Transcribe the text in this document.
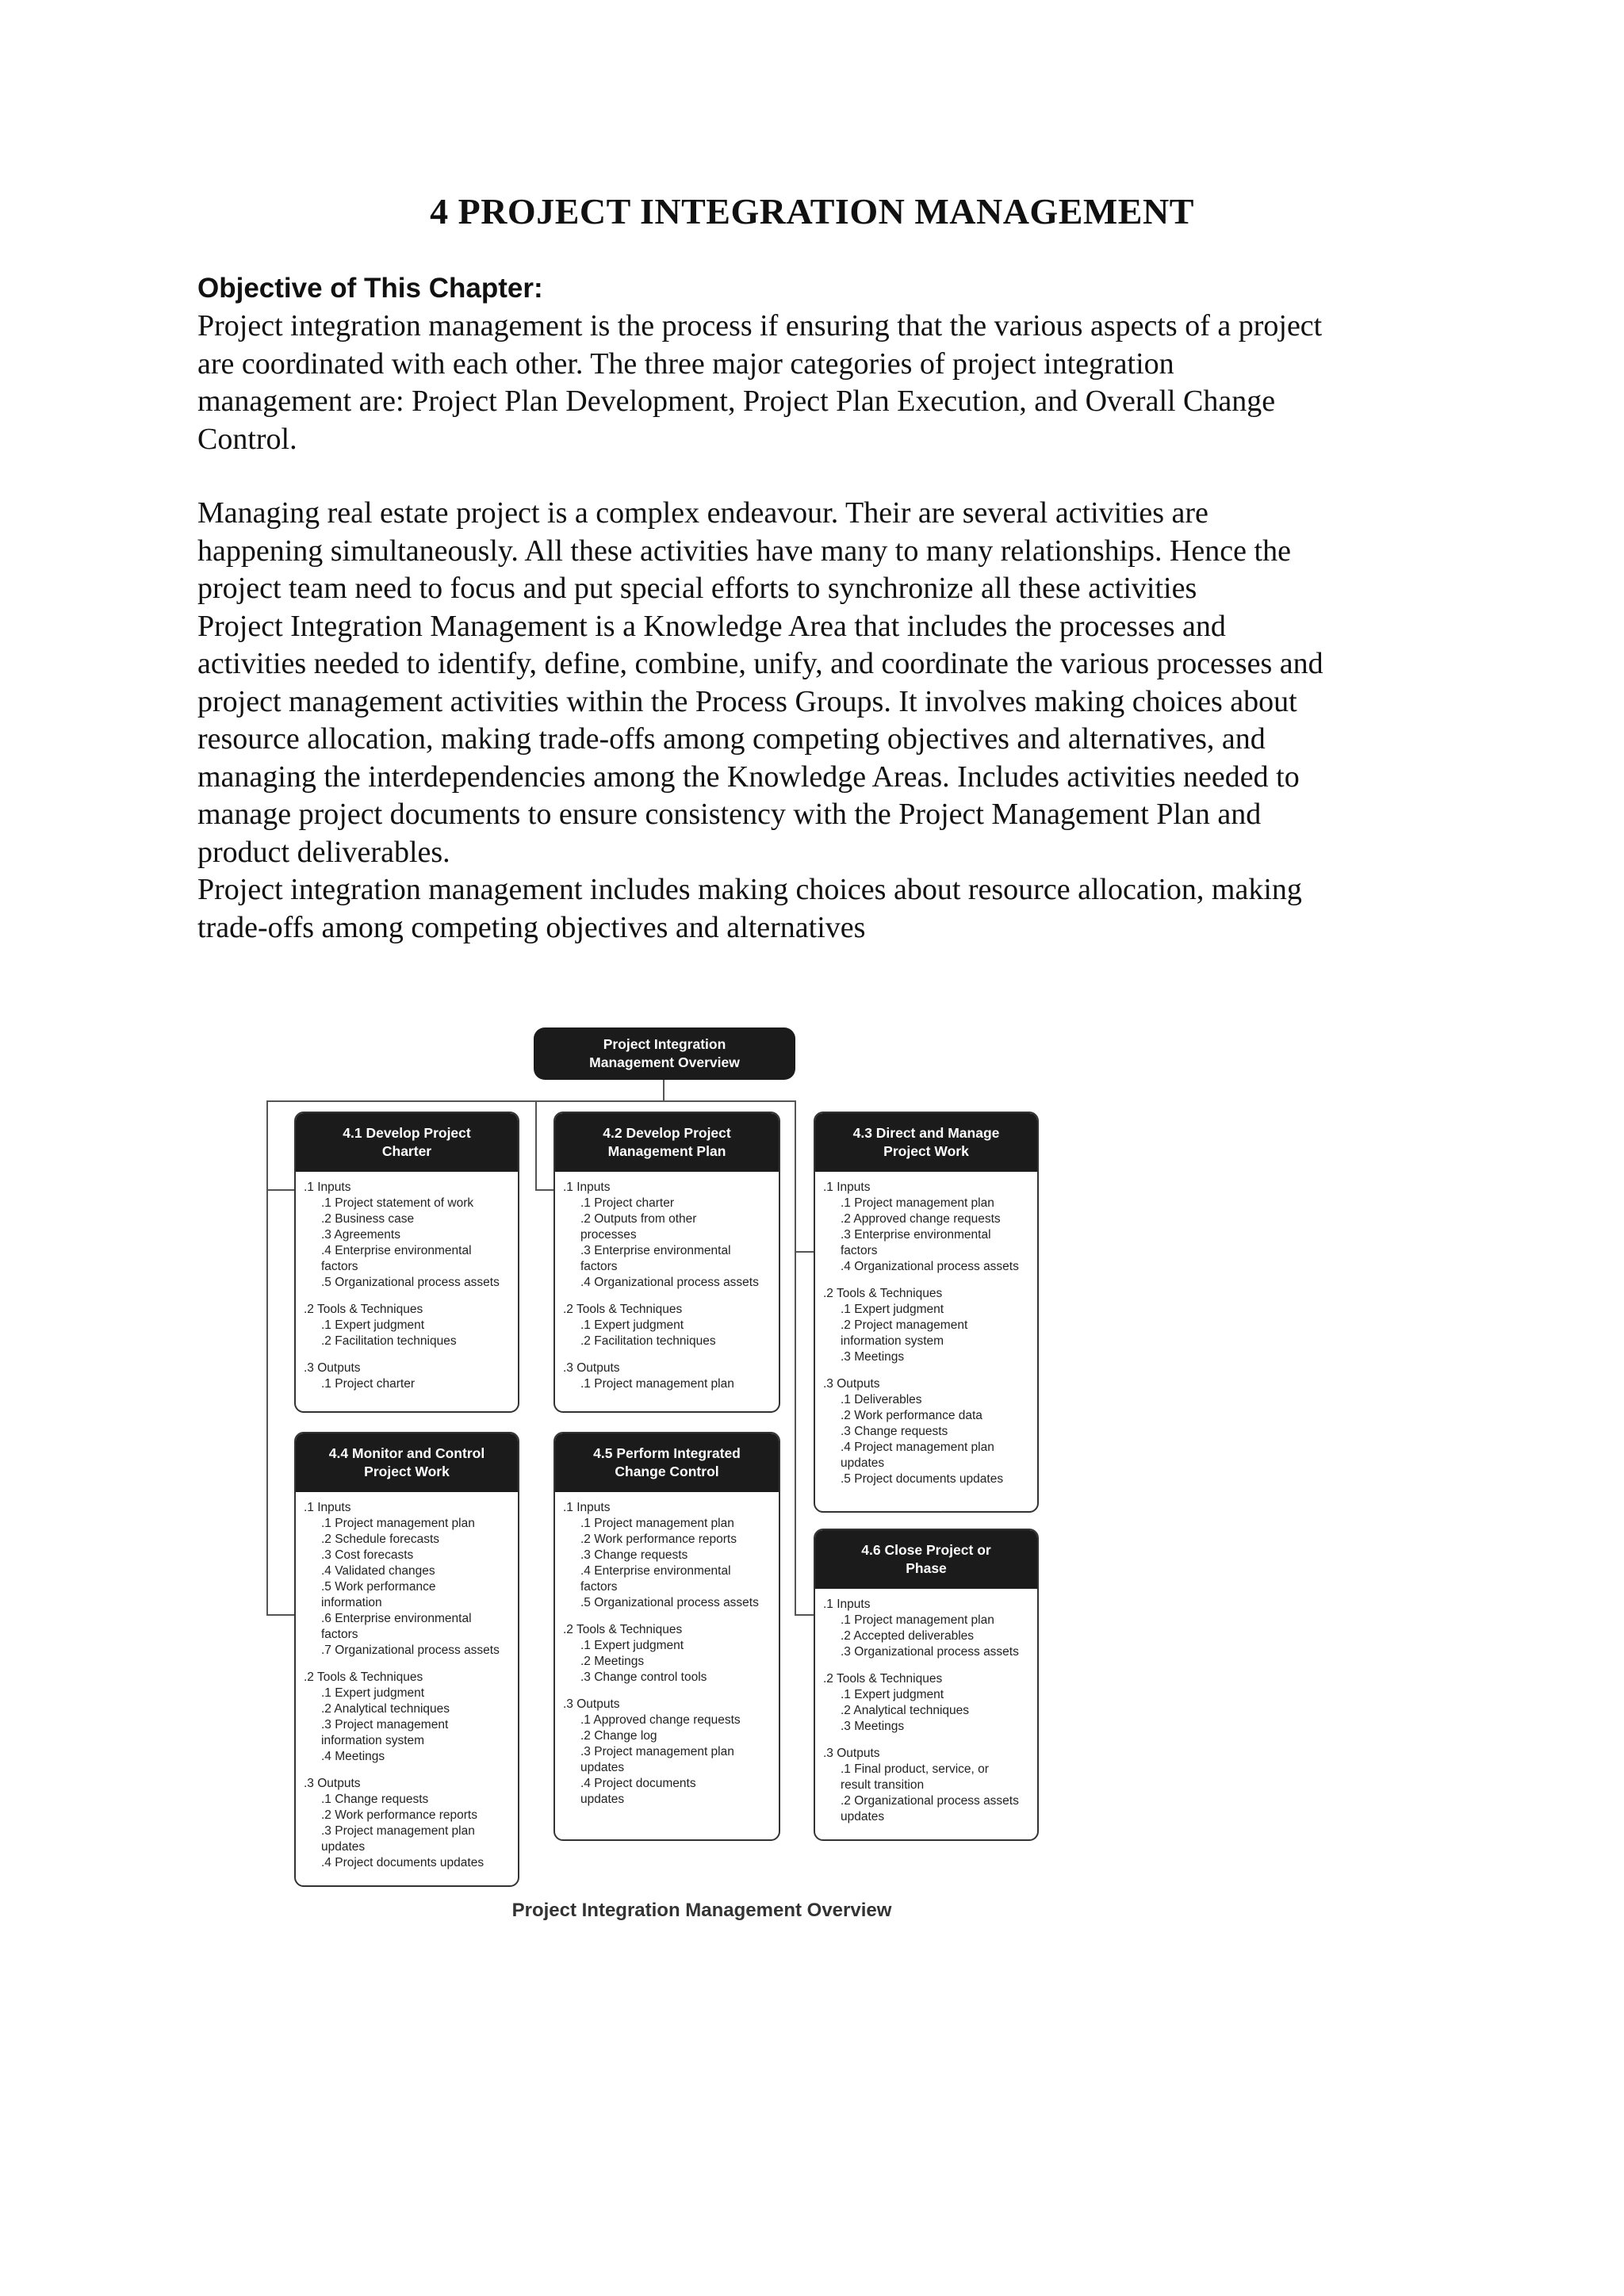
4 PROJECT INTEGRATION MANAGEMENT
Objective of This Chapter:

Project integration management is the process if ensuring that the various aspects of a project
are coordinated with each other. The three major categories of project integration
management are: Project Plan Development, Project Plan Execution, and Overall Change
Control.

Managing real estate project is a complex endeavour. Their are several activities are
happening simultaneously. All these activities have many to many relationships. Hence the
project team need to focus and put special efforts to synchronize all these activities
Project Integration Management is a Knowledge Area that includes the processes and
activities needed to identify, define, combine, unify, and coordinate the various processes and
project management activities within the Process Groups. It involves making choices about
resource allocation, making trade-offs among competing objectives and alternatives, and
managing the interdependencies among the Knowledge Areas. Includes activities needed to
manage project documents to ensure consistency with the Project Management Plan and
product deliverables.
Project integration management includes making choices about resource allocation, making
trade-offs among competing objectives and alternatives

Project Integration
Management Overview
4.1 Develop Project
Charter
.1 Inputs
.1 Project statement of work
.2 Business case
.3 Agreements
.4 Enterprise environmental
factors
.5 Organizational process assets
.2 Tools & Techniques
.1 Expert judgment
.2 Facilitation techniques
.3 Outputs
.1 Project charter
4.2 Develop Project
Management Plan
.1 Inputs
.1 Project charter
.2 Outputs from other
processes
.3 Enterprise environmental
factors
.4 Organizational process assets
.2 Tools & Techniques
.1 Expert judgment
.2 Facilitation techniques
.3 Outputs
.1 Project management plan
4.3 Direct and Manage
Project Work
.1 Inputs
.1 Project management plan
.2 Approved change requests
.3 Enterprise environmental
factors
.4 Organizational process assets
.2 Tools & Techniques
.1 Expert judgment
.2 Project management
information system
.3 Meetings
.3 Outputs
.1 Deliverables
.2 Work performance data
.3 Change requests
.4 Project management plan
updates
.5 Project documents updates
4.4 Monitor and Control
Project Work
.1 Inputs
.1 Project management plan
.2 Schedule forecasts
.3 Cost forecasts
.4 Validated changes
.5 Work performance
information
.6 Enterprise environmental
factors
.7 Organizational process assets
.2 Tools & Techniques
.1 Expert judgment
.2 Analytical techniques
.3 Project management
information system
.4 Meetings
.3 Outputs
.1 Change requests
.2 Work performance reports
.3 Project management plan
updates
.4 Project documents updates
4.5 Perform Integrated
Change Control
.1 Inputs
.1 Project management plan
.2 Work performance reports
.3 Change requests
.4 Enterprise environmental
factors
.5 Organizational process assets
.2 Tools & Techniques
.1 Expert judgment
.2 Meetings
.3 Change control tools
.3 Outputs
.1 Approved change requests
.2 Change log
.3 Project management plan
updates
.4 Project documents
updates
4.6 Close Project or
Phase
.1 Inputs
.1 Project management plan
.2 Accepted deliverables
.3 Organizational process assets
.2 Tools & Techniques
.1 Expert judgment
.2 Analytical techniques
.3 Meetings
.3 Outputs
.1 Final product, service, or
result transition
.2 Organizational process assets
updates
Project Integration Management Overview
